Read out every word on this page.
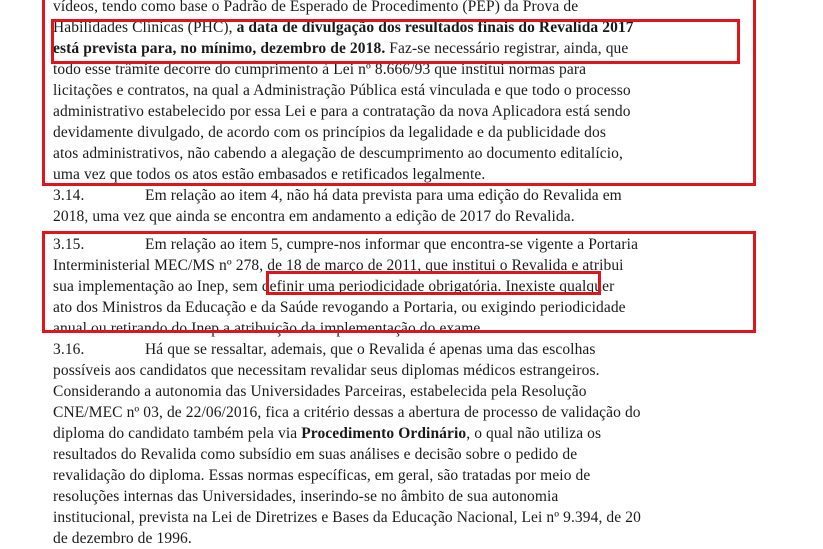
vídeos, tendo como base o Padrão de Esperado de Procedimento (PEP) da Prova de
Habilidades Clínicas (PHC), a data de divulgação dos resultados finais do Revalida 2017
está prevista para, no mínimo, dezembro de 2018. Faz-se necessário registrar, ainda, que
todo esse trâmite decorre do cumprimento à Lei nº 8.666/93 que institui normas para
licitações e contratos, na qual a Administração Pública está vinculada e que todo o processo
administrativo estabelecido por essa Lei e para a contratação da nova Aplicadora está sendo
devidamente divulgado, de acordo com os princípios da legalidade e da publicidade dos
atos administrativos, não cabendo a alegação de descumprimento ao documento editalício,
uma vez que todos os atos estão embasados e retificados legalmente.
3.14.	Em relação ao item 4, não há data prevista para uma edição do Revalida em
2018, uma vez que ainda se encontra em andamento a edição de 2017 do Revalida.
3.15.	Em relação ao item 5, cumpre-nos informar que encontra-se vigente a Portaria
Interministerial MEC/MS nº 278, de 18 de março de 2011, que institui o Revalida e atribui
sua implementação ao Inep, sem definir uma periodicidade obrigatória. Inexiste qualquer
ato dos Ministros da Educação e da Saúde revogando a Portaria, ou exigindo periodicidade
anual ou retirando do Inep a atribuição da implementação do exame.
3.16.	Há que se ressaltar, ademais, que o Revalida é apenas uma das escolhas
possíveis aos candidatos que necessitam revalidar seus diplomas médicos estrangeiros.
Considerando a autonomia das Universidades Parceiras, estabelecida pela Resolução
CNE/MEC nº 03, de 22/06/2016, fica a critério dessas a abertura de processo de validação do
diploma do candidato também pela via Procedimento Ordinário, o qual não utiliza os
resultados do Revalida como subsídio em suas análises e decisão sobre o pedido de
revalidação do diploma. Essas normas específicas, em geral, são tratadas por meio de
resoluções internas das Universidades, inserindo-se no âmbito de sua autonomia
institucional, prevista na Lei de Diretrizes e Bases da Educação Nacional, Lei nº 9.394, de 20
de dezembro de 1996.
